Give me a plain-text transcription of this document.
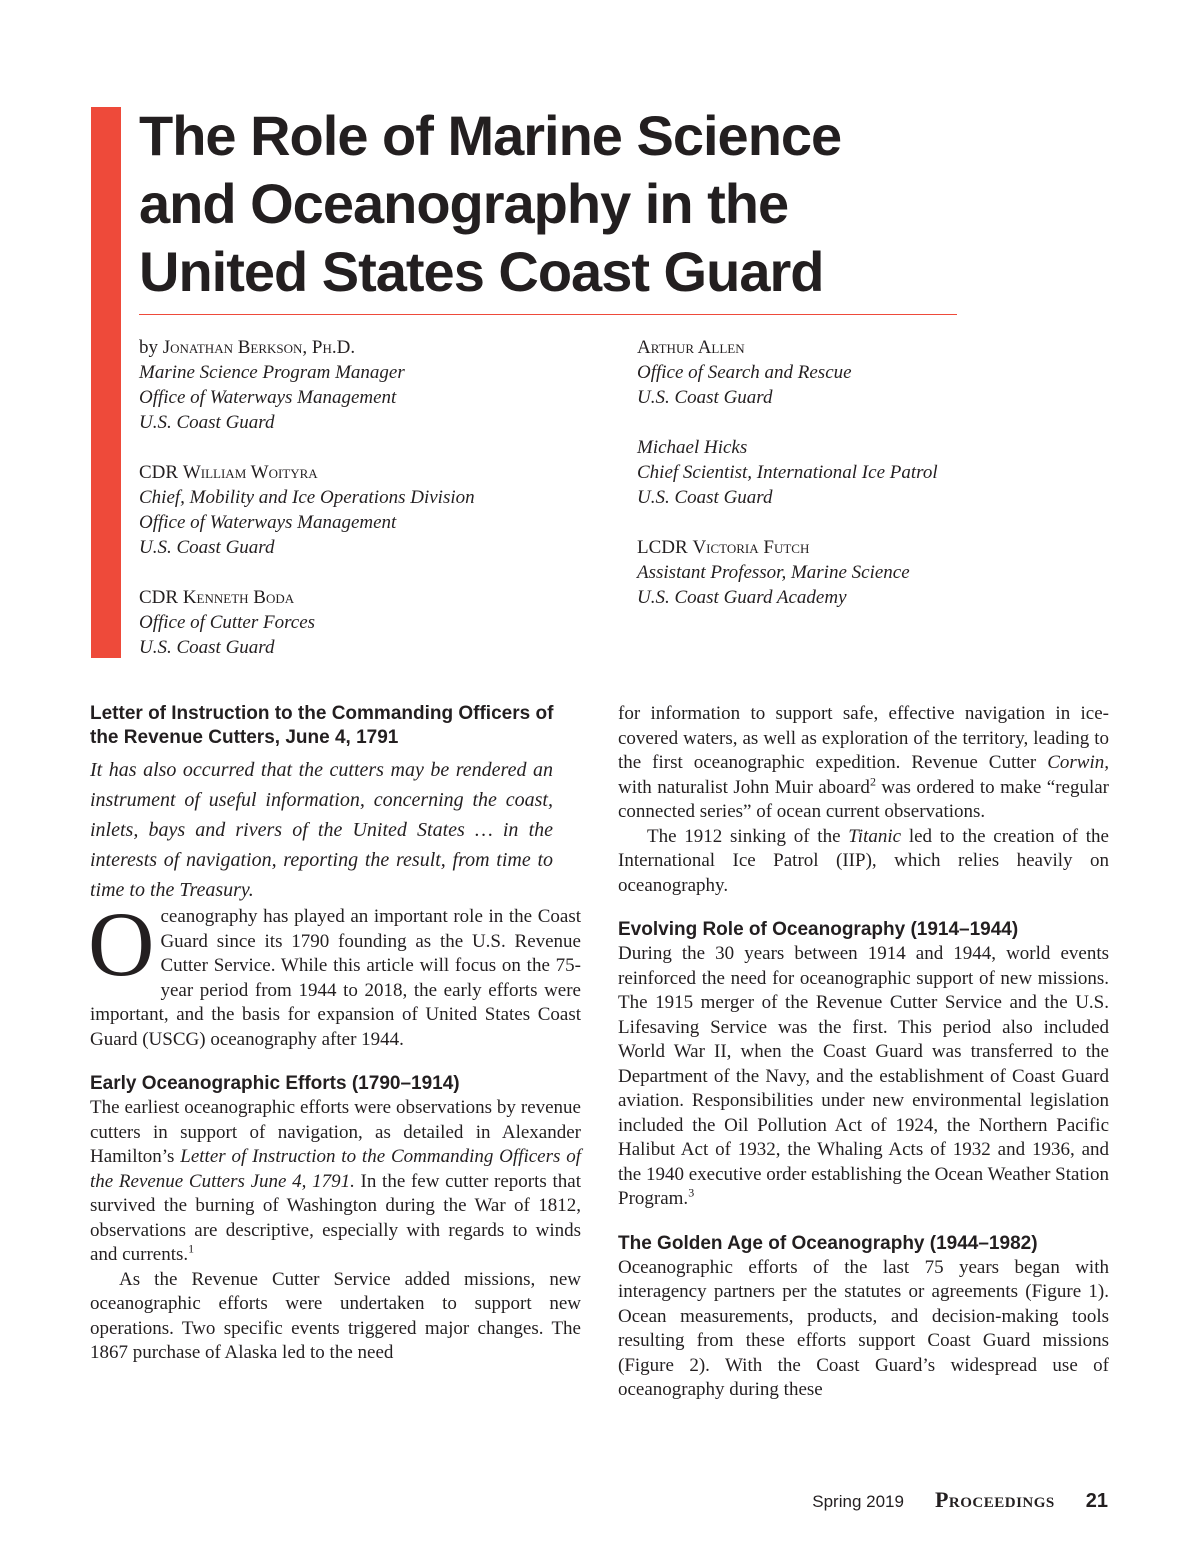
The Role of Marine Science
and Oceanography in the
United States Coast Guard
by Jonathan Berkson, Ph.D.
Marine Science Program Manager
Office of Waterways Management
U.S. Coast Guard
CDR William Woityra
Chief, Mobility and Ice Operations Division
Office of Waterways Management
U.S. Coast Guard
CDR Kenneth Boda
Office of Cutter Forces
U.S. Coast Guard
Arthur Allen
Office of Search and Rescue
U.S. Coast Guard
Michael Hicks
Chief Scientist, International Ice Patrol
U.S. Coast Guard
LCDR Victoria Futch
Assistant Professor, Marine Science
U.S. Coast Guard Academy
Letter of Instruction to the Commanding Officers of the Revenue Cutters, June 4, 1791

It has also occurred that the cutters may be rendered an instrument of useful information, concerning the coast, inlets, bays and rivers of the United States … in the interests of navigation, reporting the result, from time to time to the Treasury.

Oceanography has played an important role in the Coast Guard since its 1790 founding as the U.S. Revenue Cutter Service. While this article will focus on the 75-year period from 1944 to 2018, the early efforts were important, and the basis for expansion of United States Coast Guard (USCG) oceanography after 1944.

Early Oceanographic Efforts (1790–1914)

The earliest oceanographic efforts were observations by revenue cutters in support of navigation, as detailed in Alexander Hamilton’s Letter of Instruction to the Commanding Officers of the Revenue Cutters June 4, 1791. In the few cutter reports that survived the burning of Washington during the War of 1812, observations are descriptive, especially with regards to winds and currents.$^1$

As the Revenue Cutter Service added missions, new oceanographic efforts were undertaken to support new operations. Two specific events triggered major changes. The 1867 purchase of Alaska led to the need

for information to support safe, effective navigation in ice-covered waters, as well as exploration of the territory, leading to the first oceanographic expedition. Revenue Cutter Corwin, with naturalist John Muir aboard$^2$ was ordered to make “regular connected series” of ocean current observations.

The 1912 sinking of the Titanic led to the creation of the International Ice Patrol (IIP), which relies heavily on oceanography.

Evolving Role of Oceanography (1914–1944)

During the 30 years between 1914 and 1944, world events reinforced the need for oceanographic support of new missions. The 1915 merger of the Revenue Cutter Service and the U.S. Lifesaving Service was the first. This period also included World War II, when the Coast Guard was transferred to the Department of the Navy, and the establishment of Coast Guard aviation. Responsibilities under new environmental legislation included the Oil Pollution Act of 1924, the Northern Pacific Halibut Act of 1932, the Whaling Acts of 1932 and 1936, and the 1940 executive order establishing the Ocean Weather Station Program.$^3$

The Golden Age of Oceanography (1944–1982)

Oceanographic efforts of the last 75 years began with interagency partners per the statutes or agreements (Figure 1). Ocean measurements, products, and decision-making tools resulting from these efforts support Coast Guard missions (Figure 2). With the Coast Guard’s widespread use of oceanography during these

Spring 2019 Proceedings 21
